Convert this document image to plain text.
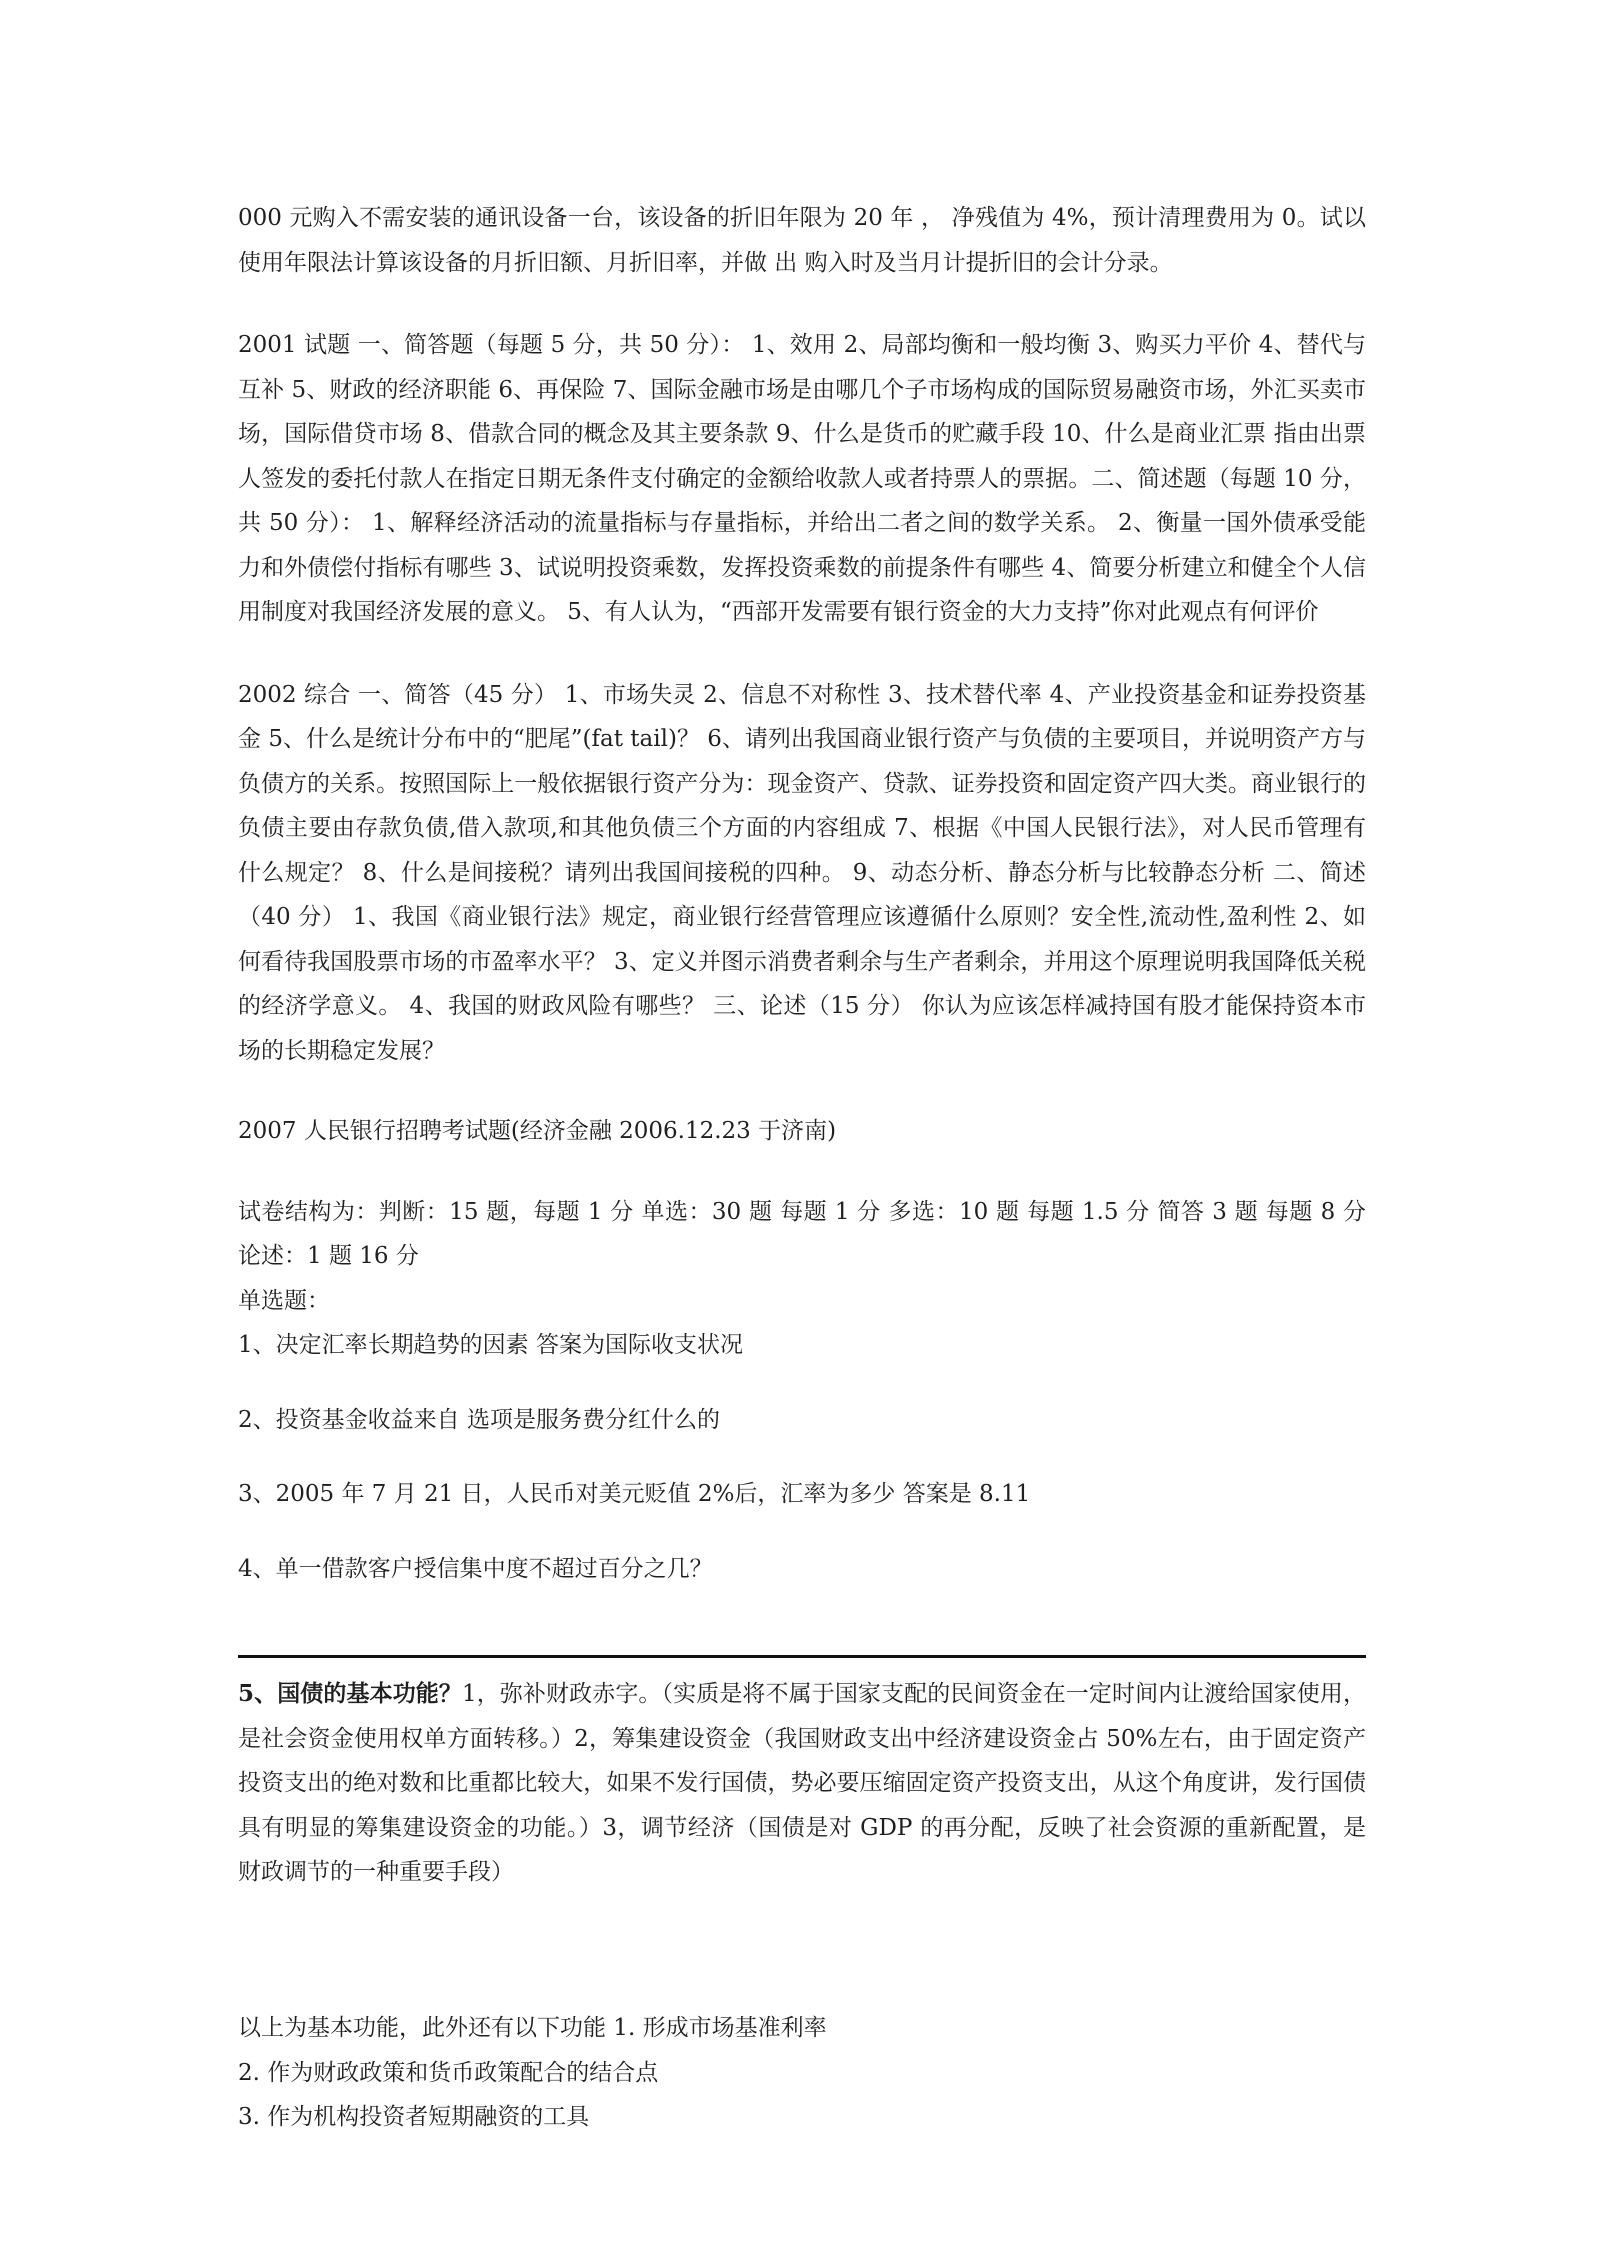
000 元购入不需安装的通讯设备一台，该设备的折旧年限为 20 年 ， 净残值为 4%，预计清理费用为 0。试以使用年限法计算该设备的月折旧额、月折旧率，并做 出 购入时及当月计提折旧的会计分录。

2001 试题 一、简答题（每题 5 分，共 50 分）： 1、效用 2、局部均衡和一般均衡 3、购买力平价 4、替代与互补 5、财政的经济职能 6、再保险 7、国际金融市场是由哪几个子市场构成的国际贸易融资市场，外汇买卖市场，国际借贷市场 8、借款合同的概念及其主要条款 9、什么是货币的贮藏手段 10、什么是商业汇票 指由出票人签发的委托付款人在指定日期无条件支付确定的金额给收款人或者持票人的票据。二、简述题（每题 10 分，共 50 分）： 1、解释经济活动的流量指标与存量指标，并给出二者之间的数学关系。 2、衡量一国外债承受能力和外债偿付指标有哪些 3、试说明投资乘数，发挥投资乘数的前提条件有哪些 4、简要分析建立和健全个人信用制度对我国经济发展的意义。 5、有人认为，“西部开发需要有银行资金的大力支持”你对此观点有何评价

2002 综合 一、简答（45 分） 1、市场失灵 2、信息不对称性 3、技术替代率 4、产业投资基金和证券投资基金 5、什么是统计分布中的“肥尾”(fat tail)？ 6、请列出我国商业银行资产与负债的主要项目，并说明资产方与负债方的关系。按照国际上一般依据银行资产分为：现金资产、贷款、证券投资和固定资产四大类。商业银行的负债主要由存款负债,借入款项,和其他负债三个方面的内容组成 7、根据《中国人民银行法》，对人民币管理有什么规定？ 8、什么是间接税？请列出我国间接税的四种。 9、动态分析、静态分析与比较静态分析 二、简述（40 分） 1、我国《商业银行法》规定，商业银行经营管理应该遵循什么原则？安全性,流动性,盈利性 2、如何看待我国股票市场的市盈率水平？ 3、定义并图示消费者剩余与生产者剩余，并用这个原理说明我国降低关税的经济学意义。 4、我国的财政风险有哪些？ 三、论述（15 分） 你认为应该怎样减持国有股才能保持资本市场的长期稳定发展？

2007 人民银行招聘考试题(经济金融 2006.12.23 于济南)

试卷结构为：判断：15 题，每题 1 分 单选：30 题 每题 1 分 多选：10 题 每题 1.5 分 简答 3 题 每题 8 分 论述：1 题 16 分

单选题：

1、决定汇率长期趋势的因素 答案为国际收支状况

2、投资基金收益来自 选项是服务费分红什么的

3、2005 年 7 月 21 日，人民币对美元贬值 2%后，汇率为多少 答案是 8.11

4、单一借款客户授信集中度不超过百分之几？

5、国债的基本功能？1，弥补财政赤字。（实质是将不属于国家支配的民间资金在一定时间内让渡给国家使用，是社会资金使用权单方面转移。）2，筹集建设资金（我国财政支出中经济建设资金占 50%左右，由于固定资产投资支出的绝对数和比重都比较大，如果不发行国债，势必要压缩固定资产投资支出，从这个角度讲，发行国债具有明显的筹集建设资金的功能。）3，调节经济（国债是对 GDP 的再分配，反映了社会资源的重新配置，是财政调节的一种重要手段）

以上为基本功能，此外还有以下功能 1. 形成市场基准利率

2. 作为财政政策和货币政策配合的结合点

3. 作为机构投资者短期融资的工具
